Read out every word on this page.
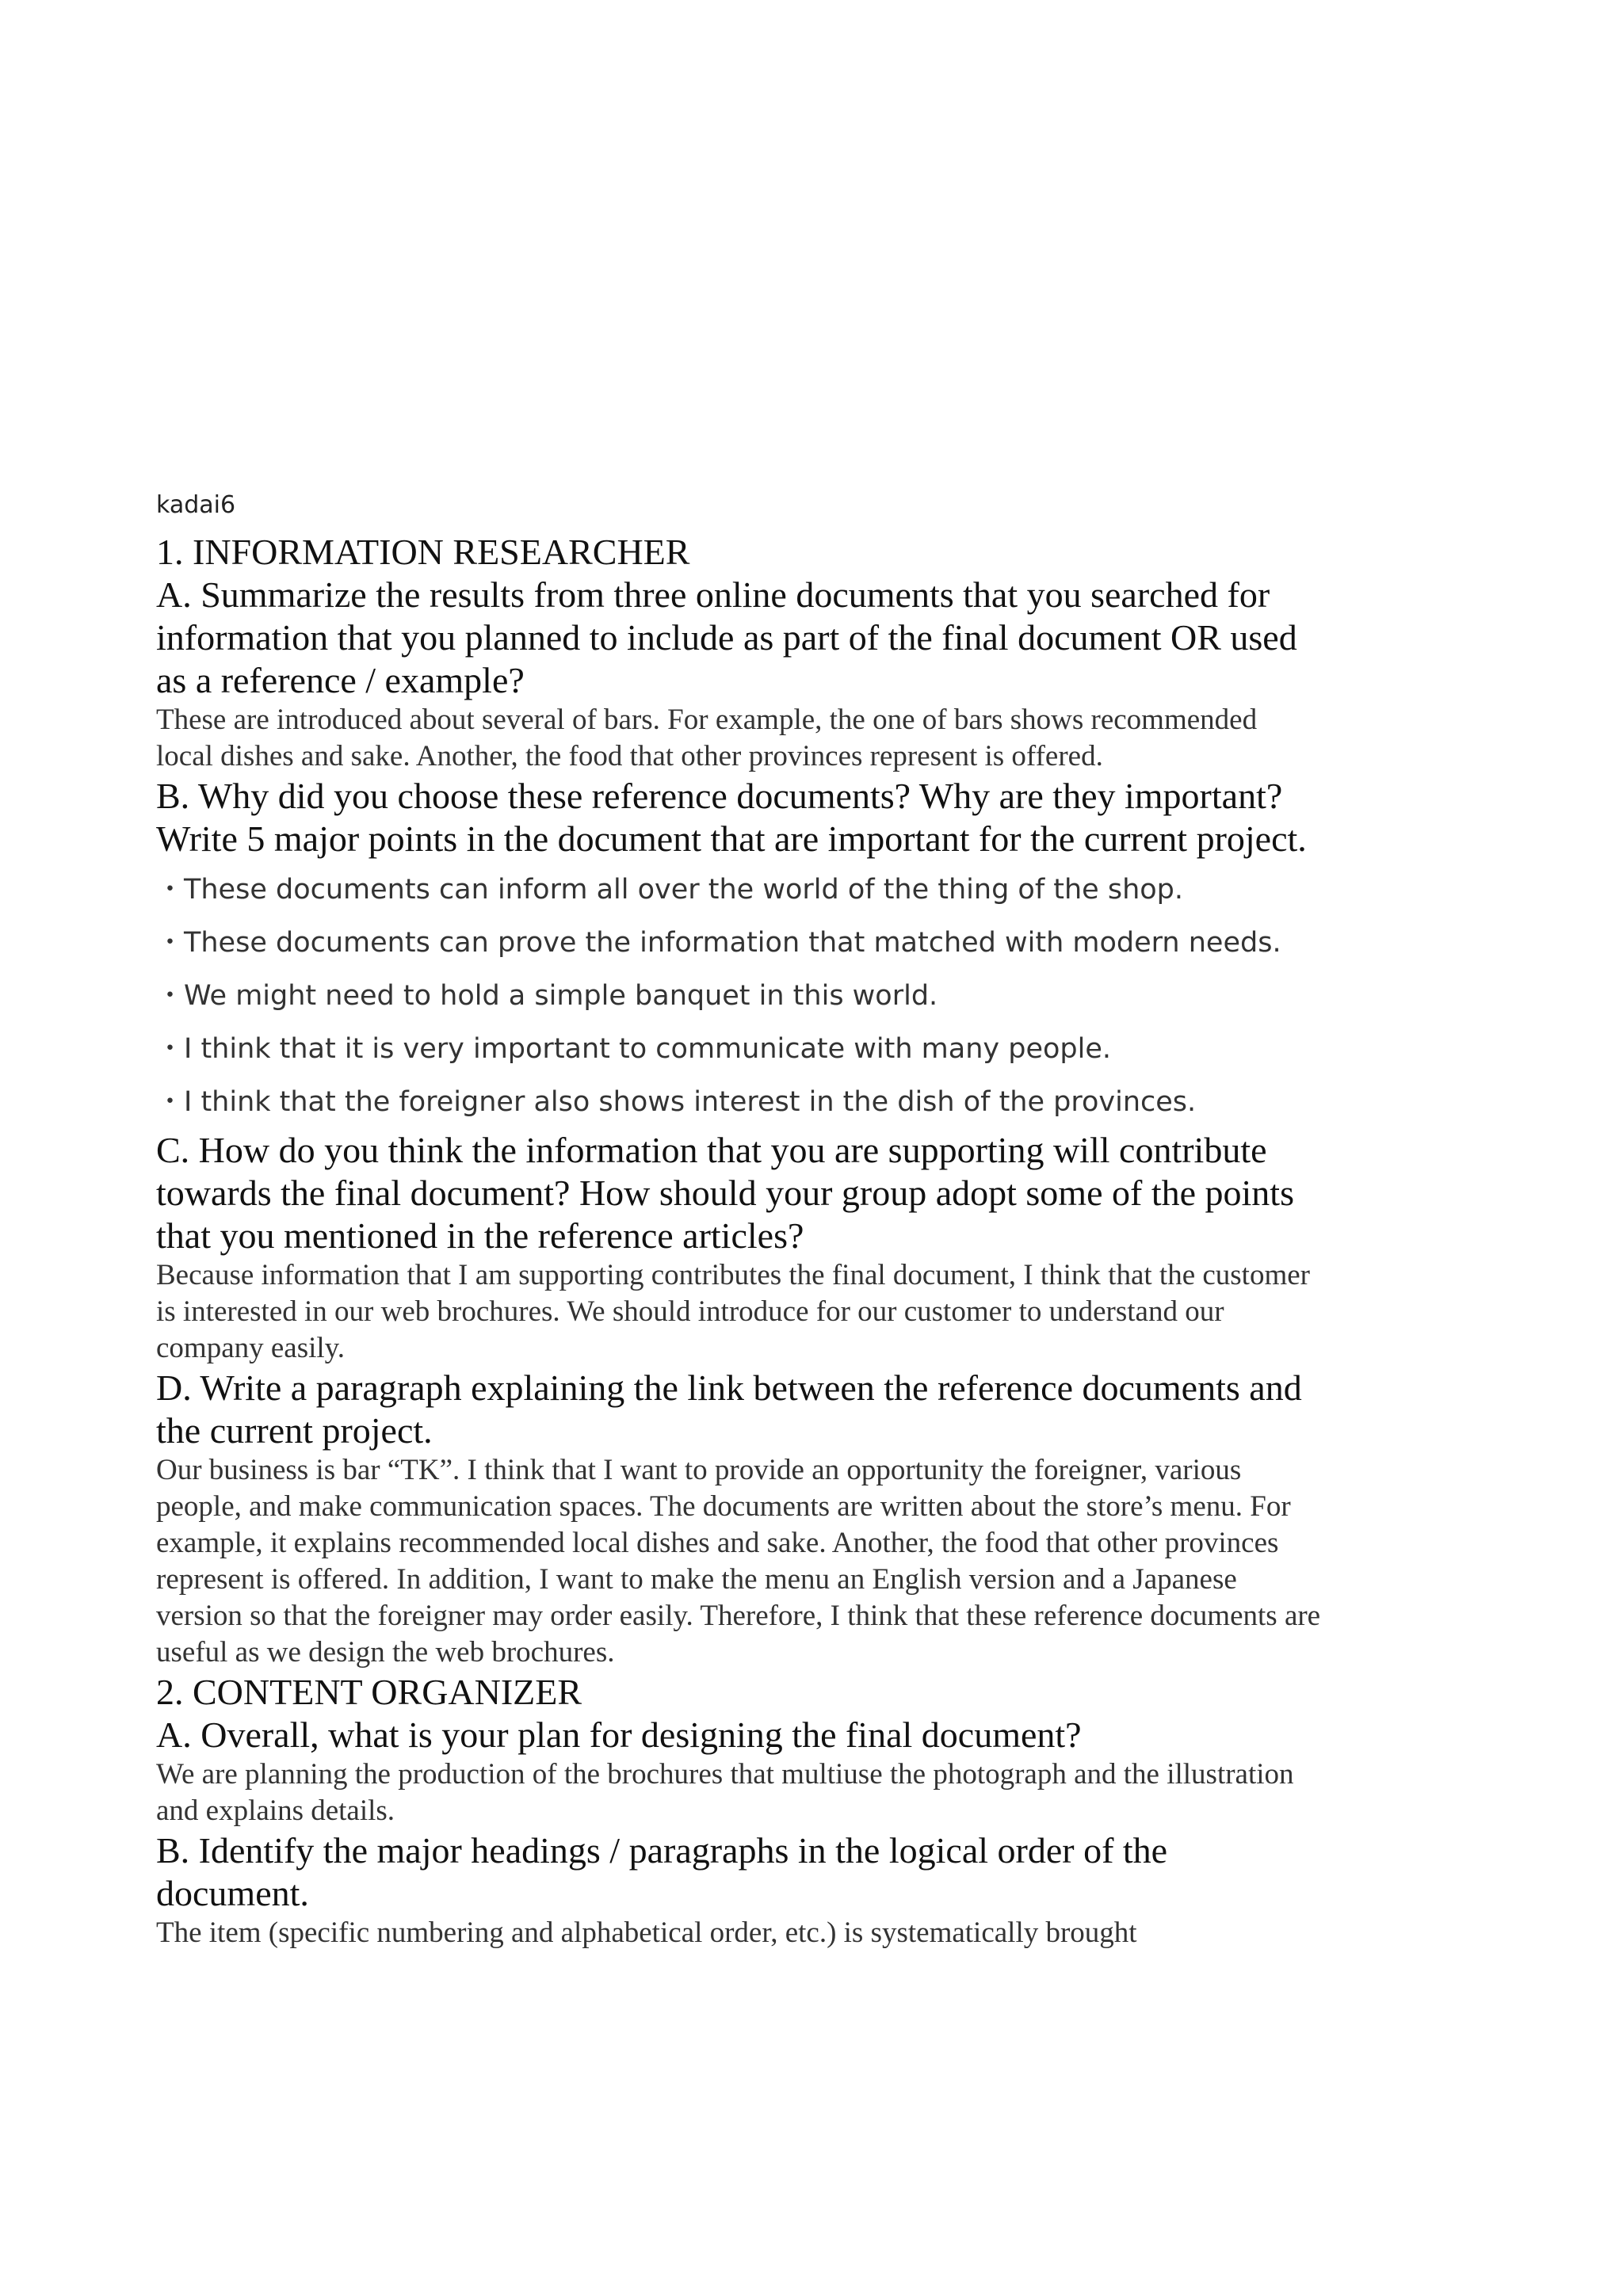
kadai6
1. INFORMATION RESEARCHER
A. Summarize the results from three online documents that you searched for information that you planned to include as part of the final document OR used as a reference / example?

These are introduced about several of bars. For example, the one of bars shows recommended local dishes and sake. Another, the food that other provinces represent is offered.

B. Why did you choose these reference documents? Why are they important? Write 5 major points in the document that are important for the current project.
・These documents can inform all over the world of the thing of the shop.
・These documents can prove the information that matched with modern needs.
・We might need to hold a simple banquet in this world.
・I think that it is very important to communicate with many people.
・I think that the foreigner also shows interest in the dish of the provinces.
C. How do you think the information that you are supporting will contribute towards the final document? How should your group adopt some of the points that you mentioned in the reference articles?

Because information that I am supporting contributes the final document, I think that the customer is interested in our web brochures. We should introduce for our customer to understand our company easily.

D. Write a paragraph explaining the link between the reference documents and the current project.

Our business is bar “TK”. I think that I want to provide an opportunity the foreigner, various people, and make communication spaces. The documents are written about the store’s menu. For example, it explains recommended local dishes and sake. Another, the food that other provinces represent is offered. In addition, I want to make the menu an English version and a Japanese version so that the foreigner may order easily. Therefore, I think that these reference documents are useful as we design the web brochures.

2. CONTENT ORGANIZER
A. Overall, what is your plan for designing the final document?

We are planning the production of the brochures that multiuse the photograph and the illustration and explains details.

B. Identify the major headings / paragraphs in the logical order of the document.

The item (specific numbering and alphabetical order, etc.) is systematically brought
